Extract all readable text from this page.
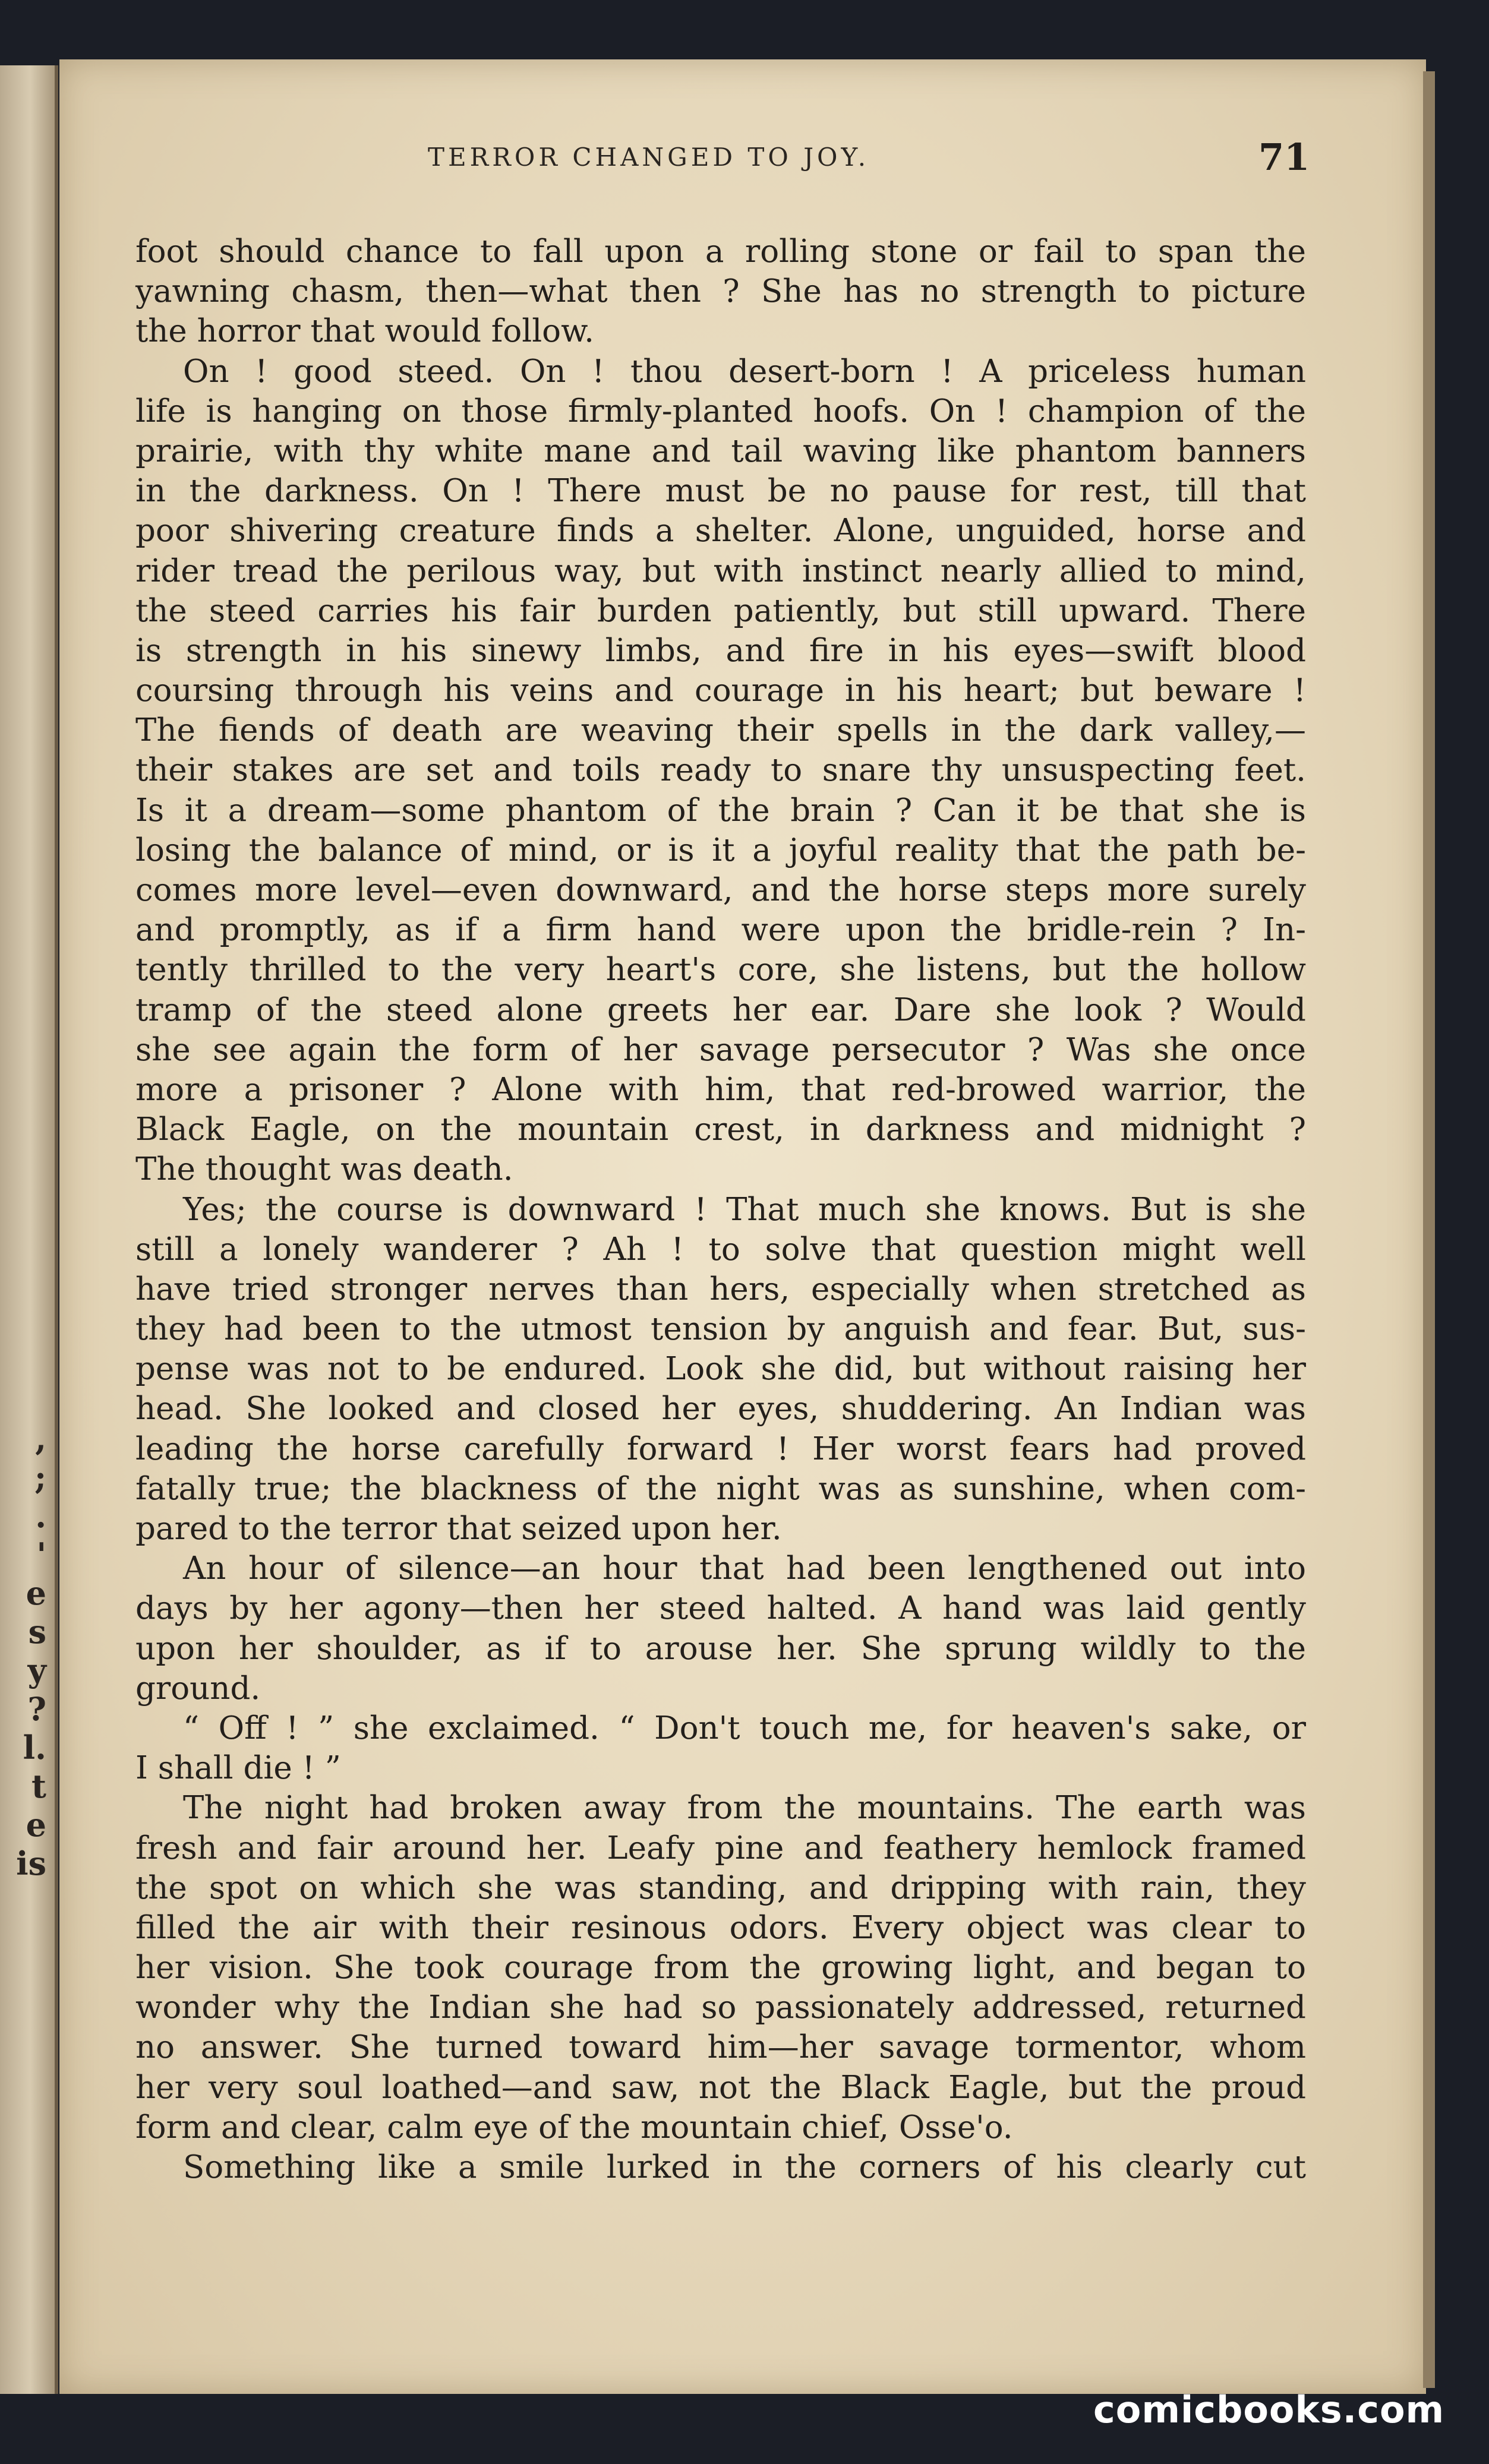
,
;
.
'
e
s
y
?
l.
t
e
is
TERROR CHANGED TO JOY.	71
foot should chance to fall upon a rolling stone or fail to span the
yawning chasm, then—what then ? She has no strength to picture
the horror that would follow.
On ! good steed. On ! thou desert-born ! A priceless human
life is hanging on those firmly-planted hoofs. On ! champion of the
prairie, with thy white mane and tail waving like phantom banners
in the darkness. On ! There must be no pause for rest, till that
poor shivering creature finds a shelter. Alone, unguided, horse and
rider tread the perilous way, but with instinct nearly allied to mind,
the steed carries his fair burden patiently, but still upward. There
is strength in his sinewy limbs, and fire in his eyes—swift blood
coursing through his veins and courage in his heart; but beware !
The fiends of death are weaving their spells in the dark valley,—
their stakes are set and toils ready to snare thy unsuspecting feet.
Is it a dream—some phantom of the brain ? Can it be that she is
losing the balance of mind, or is it a joyful reality that the path be-
comes more level—even downward, and the horse steps more surely
and promptly, as if a firm hand were upon the bridle-rein ? In-
tently thrilled to the very heart's core, she listens, but the hollow
tramp of the steed alone greets her ear. Dare she look ? Would
she see again the form of her savage persecutor ? Was she once
more a prisoner ? Alone with him, that red-browed warrior, the
Black Eagle, on the mountain crest, in darkness and midnight ?
The thought was death.
Yes; the course is downward ! That much she knows. But is she
still a lonely wanderer ? Ah ! to solve that question might well
have tried stronger nerves than hers, especially when stretched as
they had been to the utmost tension by anguish and fear. But, sus-
pense was not to be endured. Look she did, but without raising her
head. She looked and closed her eyes, shuddering. An Indian was
leading the horse carefully forward ! Her worst fears had proved
fatally true; the blackness of the night was as sunshine, when com-
pared to the terror that seized upon her.
An hour of silence—an hour that had been lengthened out into
days by her agony—then her steed halted. A hand was laid gently
upon her shoulder, as if to arouse her. She sprung wildly to the
ground.
“ Off ! ” she exclaimed. “ Don't touch me, for heaven's sake, or
I shall die ! ”
The night had broken away from the mountains. The earth was
fresh and fair around her. Leafy pine and feathery hemlock framed
the spot on which she was standing, and dripping with rain, they
filled the air with their resinous odors. Every object was clear to
her vision. She took courage from the growing light, and began to
wonder why the Indian she had so passionately addressed, returned
no answer. She turned toward him—her savage tormentor, whom
her very soul loathed—and saw, not the Black Eagle, but the proud
form and clear, calm eye of the mountain chief, Osse'o.
Something like a smile lurked in the corners of his clearly cut
comicbooks.com
